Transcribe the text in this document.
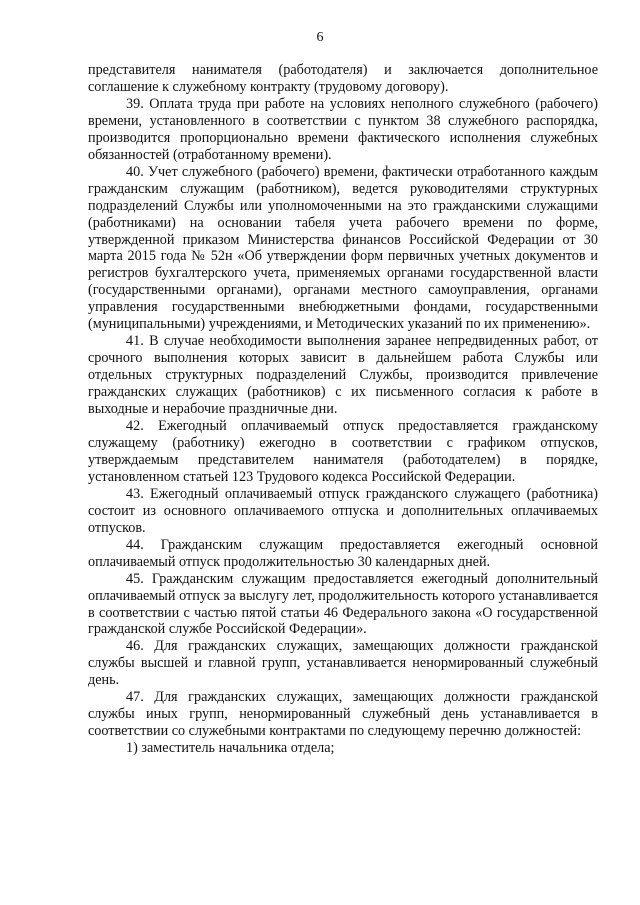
6

представителя нанимателя (работодателя) и заключается дополнительное соглашение к служебному контракту (трудовому договору).

39. Оплата труда при работе на условиях неполного служебного (рабочего) времени, установленного в соответствии с пунктом 38 служебного распорядка, производится пропорционально времени фактического исполнения служебных обязанностей (отработанному времени).

40. Учет служебного (рабочего) времени, фактически отработанного каждым гражданским служащим (работником), ведется руководителями структурных подразделений Службы или уполномоченными на это гражданскими служащими (работниками) на основании табеля учета рабочего времени по форме, утвержденной приказом Министерства финансов Российской Федерации от 30 марта 2015 года № 52н «Об утверждении форм первичных учетных документов и регистров бухгалтерского учета, применяемых органами государственной власти (государственными органами), органами местного самоуправления, органами управления государственными внебюджетными фондами, государственными (муниципальными) учреждениями, и Методических указаний по их применению».

41. В случае необходимости выполнения заранее непредвиденных работ, от срочного выполнения которых зависит в дальнейшем работа Службы или отдельных структурных подразделений Службы, производится привлечение гражданских служащих (работников) с их письменного согласия к работе в выходные и нерабочие праздничные дни.

42. Ежегодный оплачиваемый отпуск предоставляется гражданскому служащему (работнику) ежегодно в соответствии с графиком отпусков, утверждаемым представителем нанимателя (работодателем) в порядке, установленном статьей 123 Трудового кодекса Российской Федерации.

43. Ежегодный оплачиваемый отпуск гражданского служащего (работника) состоит из основного оплачиваемого отпуска и дополнительных оплачиваемых отпусков.

44. Гражданским служащим предоставляется ежегодный основной оплачиваемый отпуск продолжительностью 30 календарных дней.

45. Гражданским служащим предоставляется ежегодный дополнительный оплачиваемый отпуск за выслугу лет, продолжительность которого устанавливается в соответствии с частью пятой статьи 46 Федерального закона «О государственной гражданской службе Российской Федерации».

46. Для гражданских служащих, замещающих должности гражданской службы высшей и главной групп, устанавливается ненормированный служебный день.

47. Для гражданских служащих, замещающих должности гражданской службы иных групп, ненормированный служебный день устанавливается в соответствии со служебными контрактами по следующему перечню должностей:

1) заместитель начальника отдела;
